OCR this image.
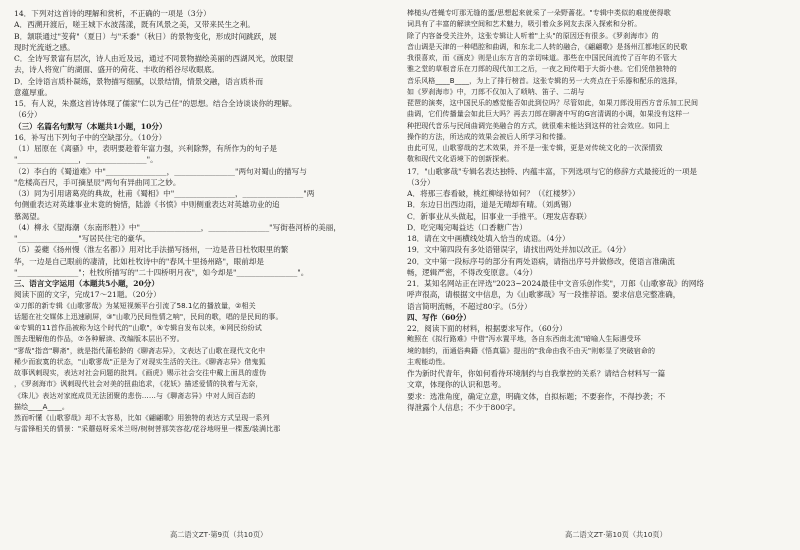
14．下列对这首诗的理解和赏析，不正确的一项是（3分）

A．西溯开渡后，嗟王城下水波荡漾，既有风景之美，又带来民生之利。

B．颔联通过"芰荷"（夏日）与"禾黍"（秋日）的景物变化，形成时间跳跃，展

现时光流逝之感。

C．全诗写景富有层次，诗人由近及远，通过不同景物描绘美丽的西湖风光，放眼望

去，诗人将宽广的湖面、盛开的荷花、丰收的稻谷尽收眼底。

D．全诗语言质朴凝练，景物描写细腻，以景结情，情景交融，语言质朴而

意蕴厚重。

15．有人说，朱熹这首诗体现了儒家"仁以为己任"的思想。结合全诗谈谈你的理解。

（6分）

（三）名篇名句默写（本题共1小题，10分）

16．补写出下列句子中的空缺部分。（10分）

（1）屈原在《离骚》中，表明要趁着年富力强，兴利除弊，有所作为的句子是

"________________，________________"。

（2）李白的《蜀道难》中"________________，________________"两句对蜀山的描写与

"危楼高百尺，手可摘星辰"两句有异曲同工之妙。

（3）同为引用诸葛亮的典故，杜甫《蜀相》中"________________，________________"两

句侧重表达对英雄事业未竟的惋惜，陆游《书愤》中则侧重表达对英雄功业的追

慕渴望。

（4）柳永《望海潮（东南形胜）》中"________________，________________"写街巷河桥的美丽，

"________________"写居民住宅的豪华。

（5）姜夔《扬州慢（淮左名都）》用对比手法描写扬州，一边是昔日杜牧眼里的繁

华，一边是自己眼前的凄清，比如杜牧诗中的"春风十里扬州路"，眼前却是

"________________"；杜牧所描写的"二十四桥明月夜"，如今却是"________________"。

三、语言文字运用（本题共5小题，20分）

阅读下面的文字，完成17～21题。（20分）

①刀郎的新专辑《山歌寥哉》为某短视频平台引流了58.1亿的播放量，②相关

话题在社交媒体上迅速刷屏，③"山歌乃民间性情之响"，民间的歌，唱的是民间的事。

④专辑的11首作品被称为这个时代的"山歌"，⑤专辑自发布以来，⑥网民纷纷试

图去理解他的作品，⑦各种解读、改编版本层出不穷。

"寥哉"指音"聊斋"，就是指代蒲松龄的《聊斋志异》，文表达了山歌在现代文化中

稀少而寂寞的状态，"山歌寥哉"正是为了对现实生活的关注。《聊斋志异》借鬼狐

故事讽刺现实，表达对社会问题的批判。《画虎》赐示社会交往中戴上面具的虚伪

，《罗刹海市》讽刺现代社会对美的扭曲追求，《花妖》描述爱情的执着与无奈，

《珠儿》表达对家庭成员无法团聚的悲伤……与《聊斋志异》中对人间百态的

描绘____A____。

然而听懂《山歌寥哉》却不太容易，比如《翩翩歌》用独特的表达方式呈现一系列

与雷锋相关的情景："采蘑菇呀采米兰呀/树树菩那笑容花/花谷地呀里一棵葱/装满比那

棒槌头/苍蝇专叮那无缝的蛋/思想起来就采了一朵野蔷花。"专辑中类似的难度使得歌

词具有了丰富的解读空间和艺术魅力，吸引着众多网友去深入探索和分析。

除了内容备受关注外，这张专辑让人听着"上头"的原因还有很多。《罗刹海市》的

音山调是天津的一种唱腔和曲调，和东北二人转的融合，《翩翩歌》是扬州江都地区的民歌

我很喜欢，而《画皮》则是山东方言的亲切味道。那些在中国民间流传了百年的不管大

雅之堂的草根音乐在刀郎的现代加工之后，一夜之间传唱于大街小巷。它们凭借独特的

音乐风格____B____，为上了排行榜首。这张专辑的另一大亮点在于乐器和配乐的选择，

如《罗刹海市》中，刀郎不仅加入了唢呐、笛子、二胡与

琵琶的演奏，这中国民乐的感觉能否如此到位吗？尽管如此，如果刀郎没用西方音乐加工民间

曲调，它们传播量会如此巨大吗？再去刀郎在聊斋中写的G宫清调的小调，如果没有这样一

种把现代音乐与民间曲调完美融合的方式，就很难未能达到这样的社会效应。如同上

操作的方法，所达成的效果会被后人所学习和传播。

由此可见，山歌寥哉的艺术效果，并不是一张专辑，更是对传统文化的一次深情致

敬和现代文化语境下的创新探索。

17．"山歌寥哉"专辑名表达独特、内蕴丰富，下列选项与它的修辞方式最接近的一项是

（3分）

A．将那三春看破，桃红柳绿待如何？（《红楼梦》）

B．东边日出西边雨，道是无晴却有晴。（刘禹锡）

C．新事业从头做起，旧事业一手推平。（理发店春联）

D．吃完喝完喝益达（口香糖广告）

18．请在文中画横线处填入恰当的成语。（4分）

19．文中第四段有多处语错误字，请找出两处并加以改正。（4分）

20．文中第一段标序号的部分有两处语病，请指出序号并做修改，使语言准确流

畅，逻辑严密，不得改变原意。（4分）

21．某知名网站正在评选"2023~2024最佳中文音乐创作奖"，刀郎《山歌寥哉》的网络

呼声很高，请根据文中信息，为《山歌寥哉》写一段推荐语。要求信息完整准确，

语言简明流畅，不超过80字。（5分）

四、写作（60分）

22．阅读下面的材料，根据要求写作。（60分）

鲍照在《拟行路难》中借"泻水置平地，各自东西南北流"暗喻人生际遇受环

境的制约，而通俗典籍《悟真篇》提出的"我命由我不由天"则彰显了突破宿命的

主观能动性。

作为新时代青年，你如何看待环境制约与自我掌控的关系？请结合材料写一篇

文章，体现你的认识和思考。

要求：选准角度，确定立意，明确文体，自拟标题；不要套作，不得抄袭；不

得泄露个人信息；不少于800字。

高二语文ZT·第9页（共10页）	高二语文ZT·第10页（共10页）
